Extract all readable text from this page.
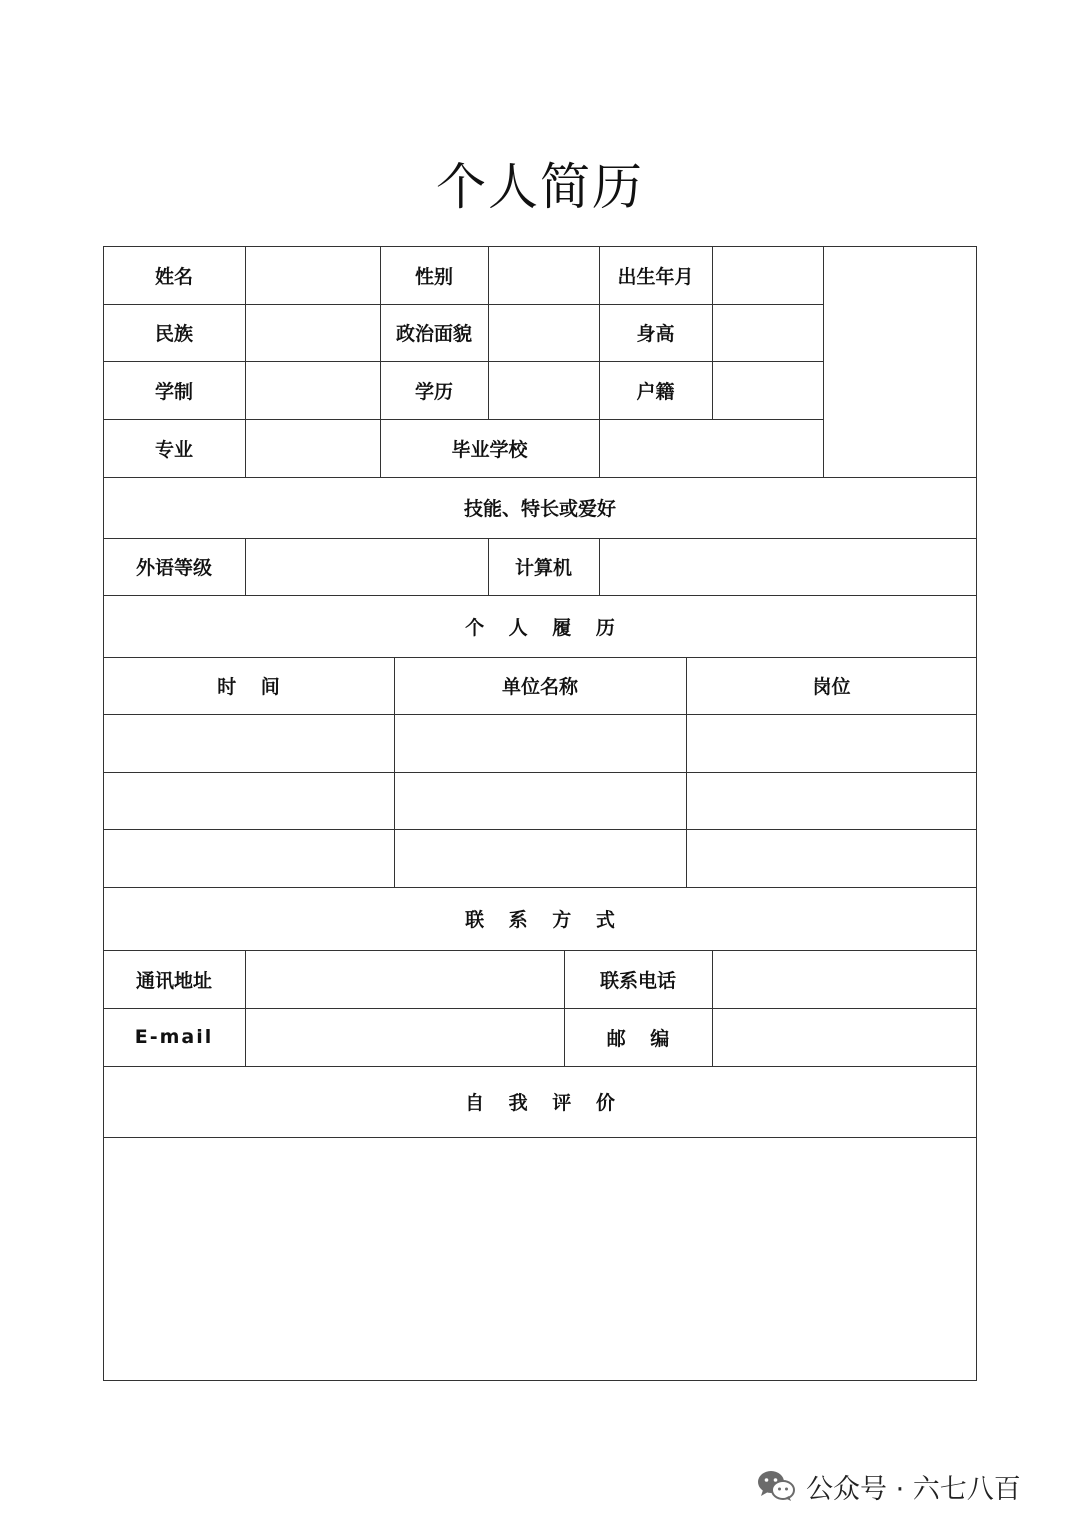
个人简历
姓名	性别	出生年月
民族	政治面貌	身高
学制	学历	户籍
专业	毕业学校
技能、特长或爱好
外语等级	计算机
个 人 履 历
时 间	单位名称	岗位
联 系 方 式
通讯地址	联系电话
E-mail	邮 编
自 我 评 价
公众号 · 六七八百
